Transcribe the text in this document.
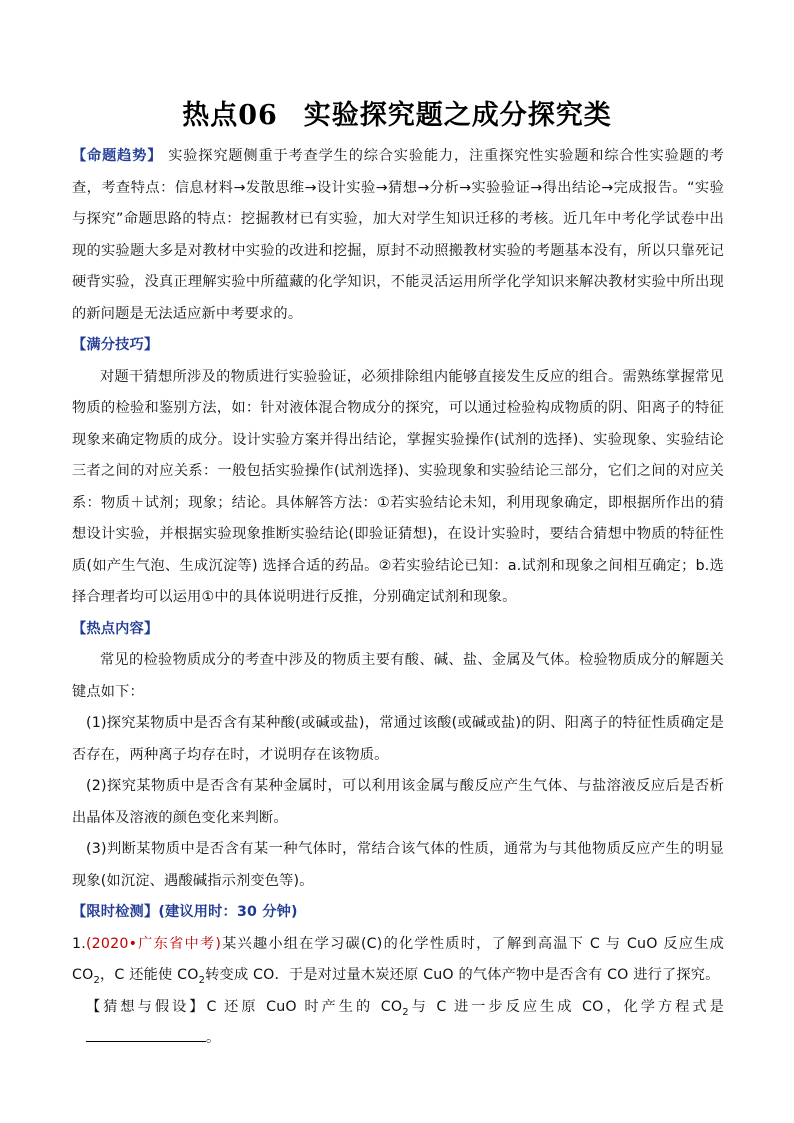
热点06 实验探究题之成分探究类

【命题趋势】 实验探究题侧重于考查学生的综合实验能力，注重探究性实验题和综合性实验题的考查，考查特点：信息材料→发散思维→设计实验→猜想→分析→实验验证→得出结论→完成报告。“实验与探究”命题思路的特点：挖掘教材已有实验，加大对学生知识迁移的考核。近几年中考化学试卷中出现的实验题大多是对教材中实验的改进和挖掘，原封不动照搬教材实验的考题基本没有，所以只靠死记硬背实验，没真正理解实验中所蕴藏的化学知识，不能灵活运用所学化学知识来解决教材实验中所出现的新问题是无法适应新中考要求的。

【满分技巧】

对题干猜想所涉及的物质进行实验验证，必须排除组内能够直接发生反应的组合。需熟练掌握常见物质的检验和鉴别方法，如：针对液体混合物成分的探究，可以通过检验构成物质的阴、阳离子的特征现象来确定物质的成分。设计实验方案并得出结论，掌握实验操作(试剂的选择)、实验现象、实验结论三者之间的对应关系：一般包括实验操作(试剂选择)、实验现象和实验结论三部分，它们之间的对应关系：物质＋试剂；现象；结论。具体解答方法：①若实验结论未知，利用现象确定，即根据所作出的猜想设计实验，并根据实验现象推断实验结论(即验证猜想)，在设计实验时，要结合猜想中物质的特征性质(如产生气泡、生成沉淀等) 选择合适的药品。②若实验结论已知：a.试剂和现象之间相互确定；b.选择合理者均可以运用①中的具体说明进行反推，分别确定试剂和现象。

【热点内容】

常见的检验物质成分的考查中涉及的物质主要有酸、碱、盐、金属及气体。检验物质成分的解题关键点如下：

(1)探究某物质中是否含有某种酸(或碱或盐)，常通过该酸(或碱或盐)的阴、阳离子的特征性质确定是否存在，两种离子均存在时，才说明存在该物质。

(2)探究某物质中是否含有某种金属时，可以利用该金属与酸反应产生气体、与盐溶液反应后是否析出晶体及溶液的颜色变化来判断。

(3)判断某物质中是否含有某一种气体时，常结合该气体的性质，通常为与其他物质反应产生的明显现象(如沉淀、遇酸碱指示剂变色等)。

【限时检测】(建议用时：30 分钟)

1.(2020•广东省中考)某兴趣小组在学习碳(C)的化学性质时，了解到高温下 C 与 CuO 反应生成 $CO_2$，C 还能使 $CO_2$转变成 CO．于是对过量木炭还原 CuO 的气体产物中是否含有 CO 进行了探究。

【猜想与假设】C 还原 CuO 时产生的 $CO_2$与 C 进一步反应生成 CO，化学方程式是。
